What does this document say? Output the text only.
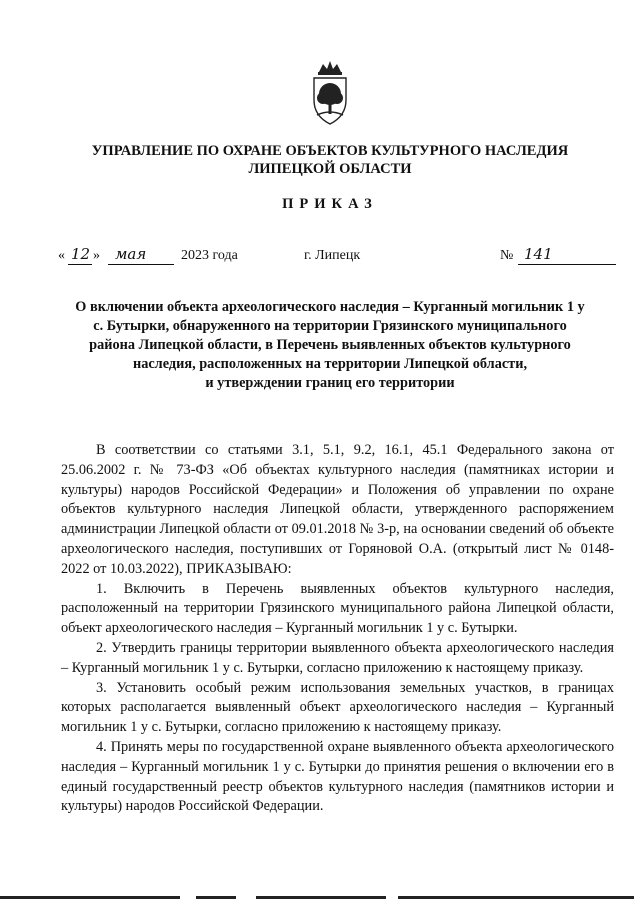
УПРАВЛЕНИЕ ПО ОХРАНЕ ОБЪЕКТОВ КУЛЬТУРНОГО НАСЛЕДИЯ
ЛИПЕЦКОЙ ОБЛАСТИ
ПРИКАЗ
« 12 » мая 2023 года	г. Липецк	№ 141
О включении объекта археологического наследия – Курганный могильник 1 у
с. Бутырки, обнаруженного на территории Грязинского муниципального
района Липецкой области, в Перечень выявленных объектов культурного
наследия, расположенных на территории Липецкой области,
и утверждении границ его территории

В соответствии со статьями 3.1, 5.1, 9.2, 16.1, 45.1 Федерального закона от 25.06.2002 г. № 73-ФЗ «Об объектах культурного наследия (памятниках истории и культуры) народов Российской Федерации» и Положения об управлении по охране объектов культурного наследия Липецкой области, утвержденного распоряжением администрации Липецкой области от 09.01.2018 № 3-р, на основании сведений об объекте археологического наследия, поступивших от Горяновой О.А. (открытый лист № 0148-2022 от 10.03.2022), ПРИКАЗЫВАЮ:

1. Включить в Перечень выявленных объектов культурного наследия, расположенный на территории Грязинского муниципального района Липецкой области, объект археологического наследия – Курганный могильник 1 у с. Бутырки.

2. Утвердить границы территории выявленного объекта археологического наследия – Курганный могильник 1 у с. Бутырки, согласно приложению к настоящему приказу.

3. Установить особый режим использования земельных участков, в границах которых располагается выявленный объект археологического наследия – Курганный могильник 1 у с. Бутырки, согласно приложению к настоящему приказу.

4. Принять меры по государственной охране выявленного объекта археологического наследия – Курганный могильник 1 у с. Бутырки до принятия решения о включении его в единый государственный реестр объектов культурного наследия (памятников истории и культуры) народов Российской Федерации.
